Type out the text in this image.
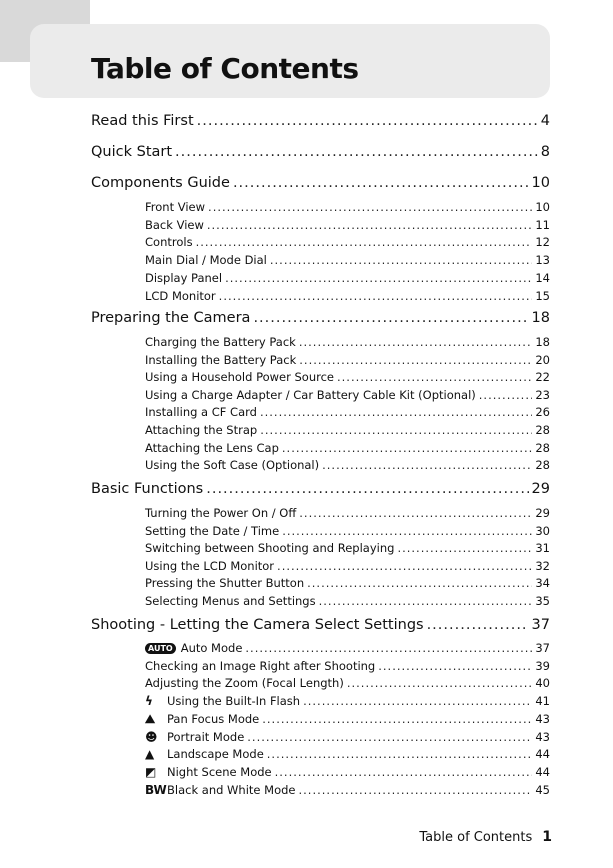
Table of Contents
Read this First .....	4
Quick Start .....	8
Components Guide .....	10
Front View .....	10
Back View .....	11
Controls .....	12
Main Dial / Mode Dial .....	13
Display Panel .....	14
LCD Monitor .....	15
Preparing the Camera .....	18
Charging the Battery Pack .....	18
Installing the Battery Pack .....	20
Using a Household Power Source .....	22
Using a Charge Adapter / Car Battery Cable Kit (Optional) .....	23
Installing a CF Card .....	26
Attaching the Strap .....	28
Attaching the Lens Cap .....	28
Using the Soft Case (Optional) .....	28
Basic Functions .....	29
Turning the Power On / Off .....	29
Setting the Date / Time .....	30
Switching between Shooting and Replaying .....	31
Using the LCD Monitor .....	32
Pressing the Shutter Button .....	34
Selecting Menus and Settings .....	35
Shooting - Letting the Camera Select Settings .....	37
AUTO Auto Mode .....	37
Checking an Image Right after Shooting .....	39
Adjusting the Zoom (Focal Length) .....	40
ϟ Using the Built-In Flash .....	41
⛰ Pan Focus Mode .....	43
☻ Portrait Mode .....	43
▲ Landscape Mode .....	44
◩ Night Scene Mode .....	44
BWBlack and White Mode .....	45
Table of Contents 1
